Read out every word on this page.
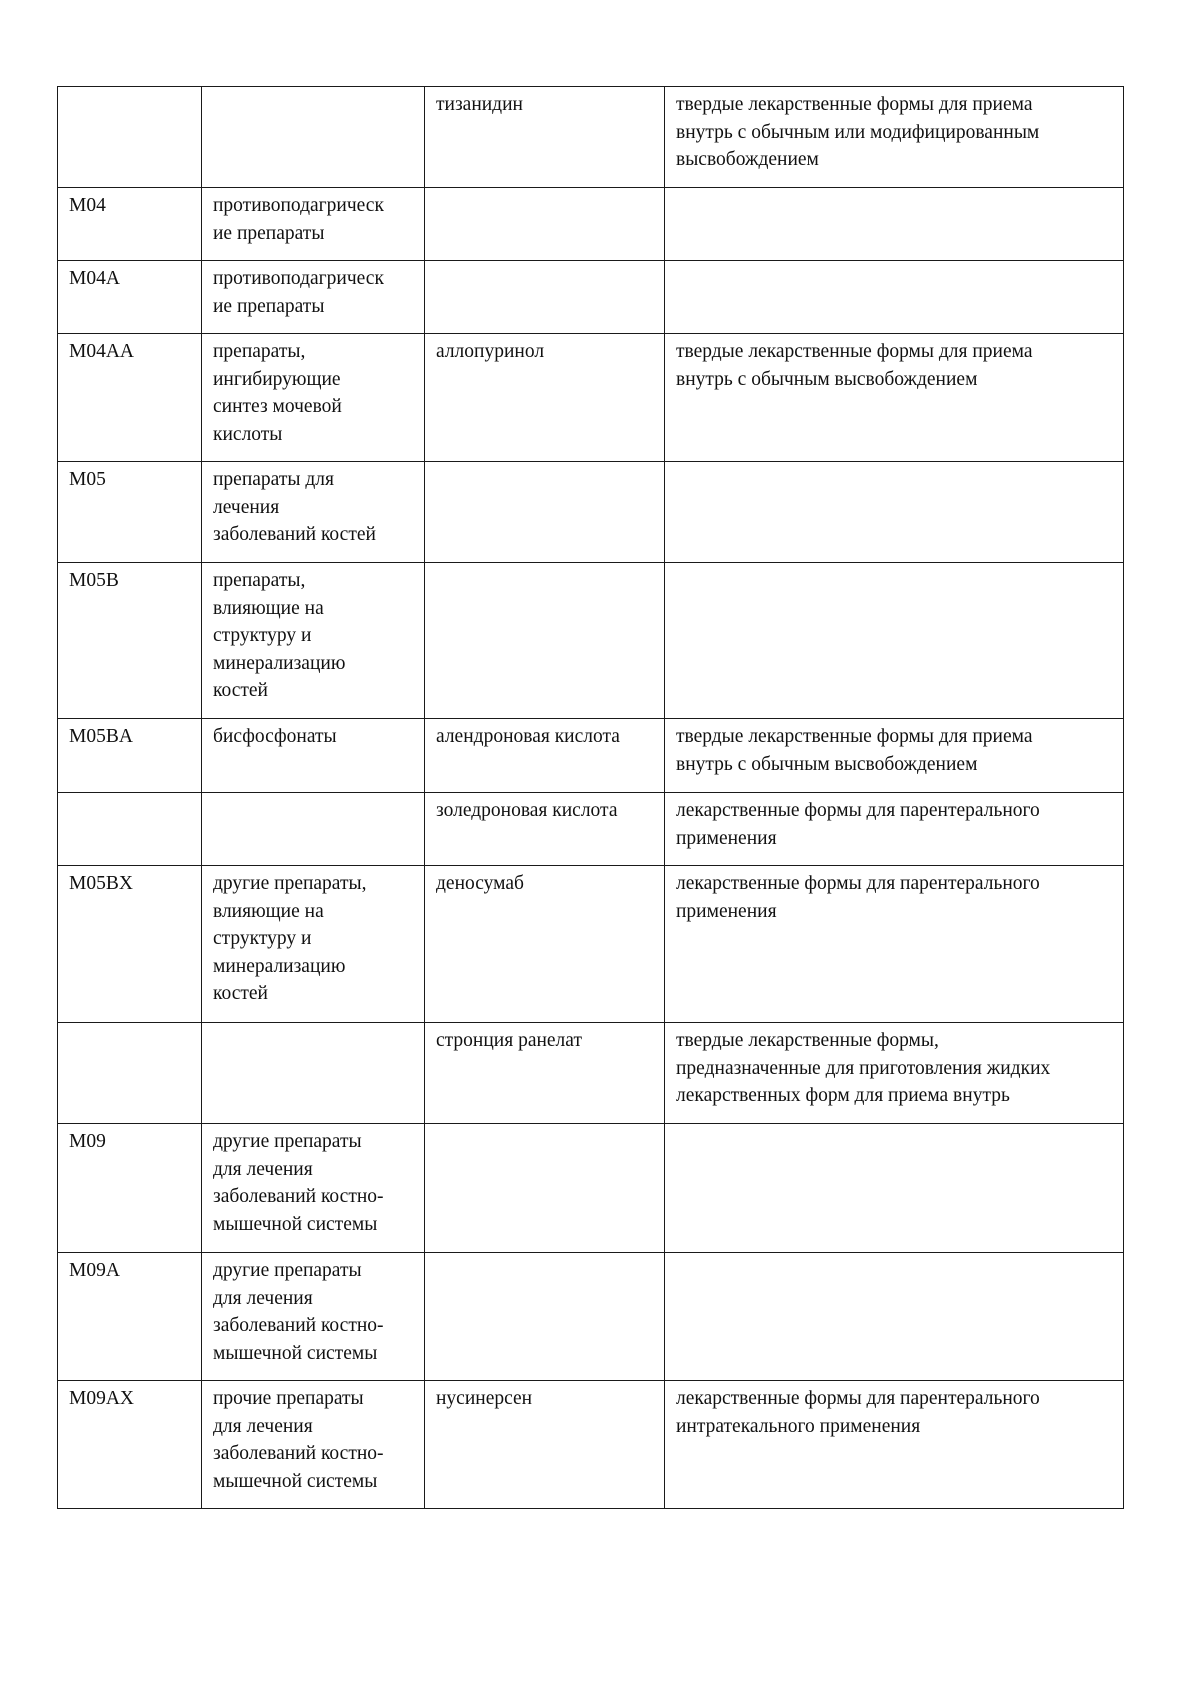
		тизанидин	твердые лекарственные формы для приема
внутрь с обычным или модифицированным
высвобождением

M04	противоподагрическ
ие препараты		

M04A	противоподагрическ
ие препараты		

M04AA	препараты,
ингибирующие
синтез мочевой
кислоты	аллопуринол	твердые лекарственные формы для приема
внутрь с обычным высвобождением

M05	препараты для
лечения
заболеваний костей		

M05B	препараты,
влияющие на
структуру и
минерализацию
костей		

M05BA	бисфосфонаты	алендроновая кислота	твердые лекарственные формы для приема
внутрь с обычным высвобождением

		золедроновая кислота	лекарственные формы для парентерального
применения

M05BX	другие препараты,
влияющие на
структуру и
минерализацию
костей	деносумаб	лекарственные формы для парентерального
применения

		стронция ранелат	твердые лекарственные формы,
предназначенные для приготовления жидких
лекарственных форм для приема внутрь

M09	другие препараты
для лечения
заболеваний костно-
мышечной системы		

M09A	другие препараты
для лечения
заболеваний костно-
мышечной системы		

M09AX	прочие препараты
для лечения
заболеваний костно-
мышечной системы	нусинерсен	лекарственные формы для парентерального
интратекального применения
